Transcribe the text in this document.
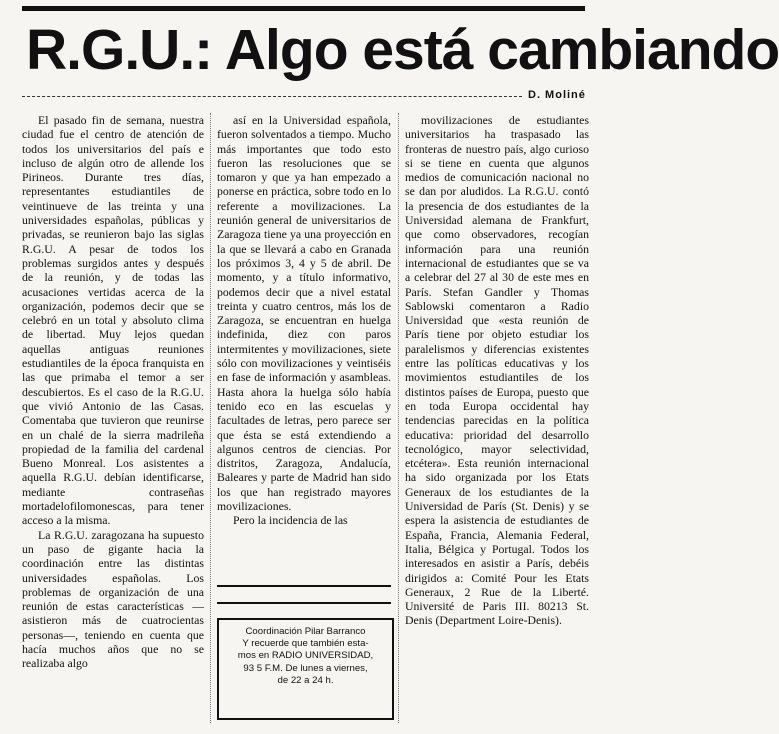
R.G.U.: Algo está cambiando
D. Moliné

El pasado fin de semana, nuestra ciudad fue el centro de atención de todos los universitarios del país e incluso de algún otro de allende los Pirineos. Durante tres días, representantes estudiantiles de veintinueve de las treinta y una universidades españolas, públicas y privadas, se reunieron bajo las siglas R.G.U. A pesar de todos los problemas surgidos antes y después de la reunión, y de todas las acusaciones vertidas acerca de la organización, podemos decir que se celebró en un total y absoluto clima de libertad. Muy lejos quedan aquellas antiguas reuniones estudiantiles de la época franquista en las que primaba el temor a ser descubiertos. Es el caso de la R.G.U. que vivió Antonio de las Casas. Comentaba que tuvieron que reunirse en un chalé de la sierra madrileña propiedad de la familia del cardenal Bueno Monreal. Los asistentes a aquella R.G.U. debían identificarse, mediante contraseñas mortadelofilomonescas, para tener acceso a la misma.

La R.G.U. zaragozana ha supuesto un paso de gigante hacia la coordinación entre las distintas universidades españolas. Los problemas de organización de una reunión de estas características —asistieron más de cuatrocientas personas—, teniendo en cuenta que hacía muchos años que no se realizaba algo

así en la Universidad española, fueron solventados a tiempo. Mucho más importantes que todo esto fueron las resoluciones que se tomaron y que ya han empezado a ponerse en práctica, sobre todo en lo referente a movilizaciones. La reunión general de universitarios de Zaragoza tiene ya una proyección en la que se llevará a cabo en Granada los próximos 3, 4 y 5 de abril. De momento, y a título informativo, podemos decir que a nivel estatal treinta y cuatro centros, más los de Zaragoza, se encuentran en huelga indefinida, diez con paros intermitentes y movilizaciones, siete sólo con movilizaciones y veintiséis en fase de información y asambleas. Hasta ahora la huelga sólo había tenido eco en las escuelas y facultades de letras, pero parece ser que ésta se está extendiendo a algunos centros de ciencias. Por distritos, Zaragoza, Andalucía, Baleares y parte de Madrid han sido los que han registrado mayores movilizaciones.

Pero la incidencia de las

movilizaciones de estudiantes universitarios ha traspasado las fronteras de nuestro país, algo curioso si se tiene en cuenta que algunos medios de comunicación nacional no se dan por aludidos. La R.G.U. contó la presencia de dos estudiantes de la Universidad alemana de Frankfurt, que como observadores, recogían información para una reunión internacional de estudiantes que se va a celebrar del 27 al 30 de este mes en París. Stefan Gandler y Thomas Sablowski comentaron a Radio Universidad que «esta reunión de París tiene por objeto estudiar los paralelismos y diferencias existentes entre las políticas educativas y los movimientos estudiantiles de los distintos países de Europa, puesto que en toda Europa occidental hay tendencias parecidas en la política educativa: prioridad del desarrollo tecnológico, mayor selectividad, etcétera». Esta reunión internacional ha sido organizada por los Etats Generaux de los estudiantes de la Universidad de París (St. Denis) y se espera la asistencia de estudiantes de España, Francia, Alemania Federal, Italia, Bélgica y Portugal. Todos los interesados en asistir a París, debéis dirigidos a: Comité Pour les Etats Generaux, 2 Rue de la Liberté. Université de Paris III. 80213 St. Denis (Department Loire-Denis).

Coordinación Pilar Barranco
Y recuerde que también esta-
mos en RADIO UNIVERSIDAD,
93 5 F.M. De lunes a viernes,
de 22 a 24 h.
